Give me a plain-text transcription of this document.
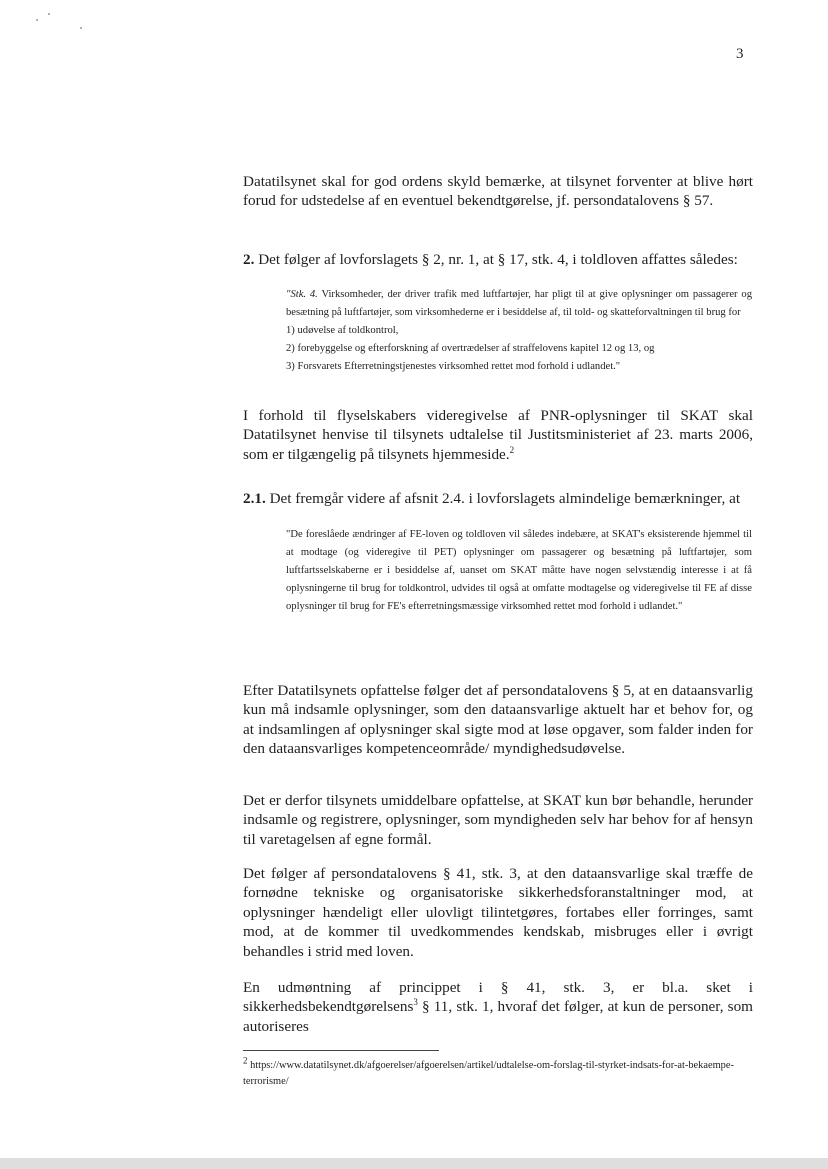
3

Datatilsynet skal for god ordens skyld bemærke, at tilsynet forventer at blive hørt forud for udstedelse af en eventuel bekendtgørelse, jf. persondatalovens § 57.

2. Det følger af lovforslagets § 2, nr. 1, at § 17, stk. 4, i toldloven affattes således:

"Stk. 4. Virksomheder, der driver trafik med luftfartøjer, har pligt til at give oplysninger om passagerer og besætning på luftfartøjer, som virksomhederne er i besiddelse af, til told- og skatteforvaltningen til brug for
1) udøvelse af toldkontrol,
2) forebyggelse og efterforskning af overtrædelser af straffelovens kapitel 12 og 13, og
3) Forsvarets Efterretningstjenestes virksomhed rettet mod forhold i udlandet."

I forhold til flyselskabers videregivelse af PNR-oplysninger til SKAT skal Datatilsynet henvise til tilsynets udtalelse til Justitsministeriet af 23. marts 2006, som er tilgængelig på tilsynets hjemmeside.$^2$

2.1. Det fremgår videre af afsnit 2.4. i lovforslagets almindelige bemærkninger, at

"De foreslåede ændringer af FE-loven og toldloven vil således indebære, at SKAT's eksisterende hjemmel til at modtage (og videregive til PET) oplysninger om passagerer og besætning på luftfartøjer, som luftfartsselskaberne er i besiddelse af, uanset om SKAT måtte have nogen selvstændig interesse i at få oplysningerne til brug for toldkontrol, udvides til også at omfatte modtagelse og videregivelse til FE af disse oplysninger til brug for FE's efterretningsmæssige virksomhed rettet mod forhold i udlandet."

Efter Datatilsynets opfattelse følger det af persondatalovens § 5, at en dataansvarlig kun må indsamle oplysninger, som den dataansvarlige aktuelt har et behov for, og at indsamlingen af oplysninger skal sigte mod at løse opgaver, som falder inden for den dataansvarliges kompetenceområde/ myndighedsudøvelse.

Det er derfor tilsynets umiddelbare opfattelse, at SKAT kun bør behandle, herunder indsamle og registrere, oplysninger, som myndigheden selv har behov for af hensyn til varetagelsen af egne formål.

Det følger af persondatalovens § 41, stk. 3, at den dataansvarlige skal træffe de fornødne tekniske og organisatoriske sikkerhedsforanstaltninger mod, at oplysninger hændeligt eller ulovligt tilintetgøres, fortabes eller forringes, samt mod, at de kommer til uvedkommendes kendskab, misbruges eller i øvrigt behandles i strid med loven.

En udmøntning af princippet i § 41, stk. 3, er bl.a. sket i sikkerhedsbekendtgørelsens$^3$ § 11, stk. 1, hvoraf det følger, at kun de personer, som autoriseres

$^2$ https://www.datatilsynet.dk/afgoerelser/afgoerelsen/artikel/udtalelse-om-forslag-til-styrket-indsats-for-at-bekaempe-terrorisme/
